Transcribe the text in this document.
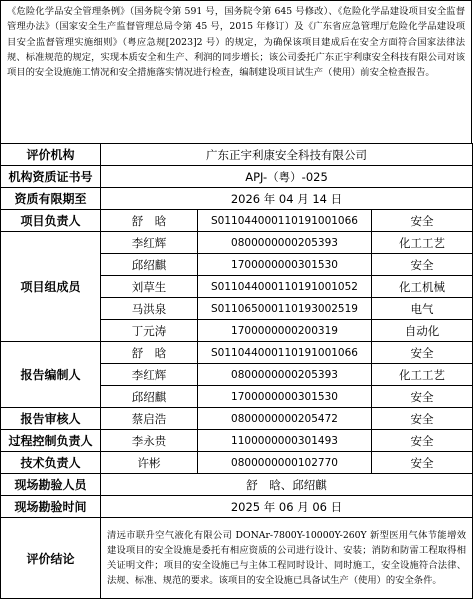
《危险化学品安全管理条例》（国务院令第 591 号，国务院令第 645 号修改）、《危险化学品建设项目安全监督管理办法》（国家安全生产监督管理总局令第 45 号，2015 年修订）及《广东省应急管理厅危险化学品建设项目安全监督管理实施细则》（粤应急规[2023]2 号）的规定，为确保该项目建成后在安全方面符合国家法律法规、标准规范的规定，实现本质安全和生产、利润的同步增长；该公司委托广东正宇利康安全科技有限公司对该项目的安全设施施工情况和安全措施落实情况进行检查，编制建设项目试生产（使用）前安全检查报告。
评价机构	广东正宇利康安全科技有限公司		
机构资质证书号	APJ-（粤）-025		
资质有限期至	2026 年 04 月 14 日		
项目负责人	舒　晗	S011044000110191001066	安全
项目组成员	李红辉	0800000000205393	化工工艺
	邱绍麒	1700000000301530	安全
	刘草生	S011044000110191001052	化工机械
	马洪泉	S011065000110193002519	电气
	丁元涛	1700000000200319	自动化
报告编制人	舒　晗	S011044000110191001066	安全
	李红辉	0800000000205393	化工工艺
	邱绍麒	1700000000301530	安全
报告审核人	蔡启浩	0800000000205472	安全
过程控制负责人	李永贵	1100000000301493	安全
技术负责人	许彬	0800000000102770	安全
现场勘验人员	舒　晗、邱绍麒		
现场勘验时间	2025 年 06 月 06 日		
评价结论	清远市联升空气液化有限公司 DONAr-7800Y-10000Y-260Y 新型医用气体节能增效建设项目的安全设施是委托有相应资质的公司进行设计、安装；消防和防雷工程取得相关证明文件；项目的安全设施已与主体工程同时设计、同时施工，安全设施符合法律、法规、标准、规范的要求。该项目的安全设施已具备试生产（使用）的安全条件。		
